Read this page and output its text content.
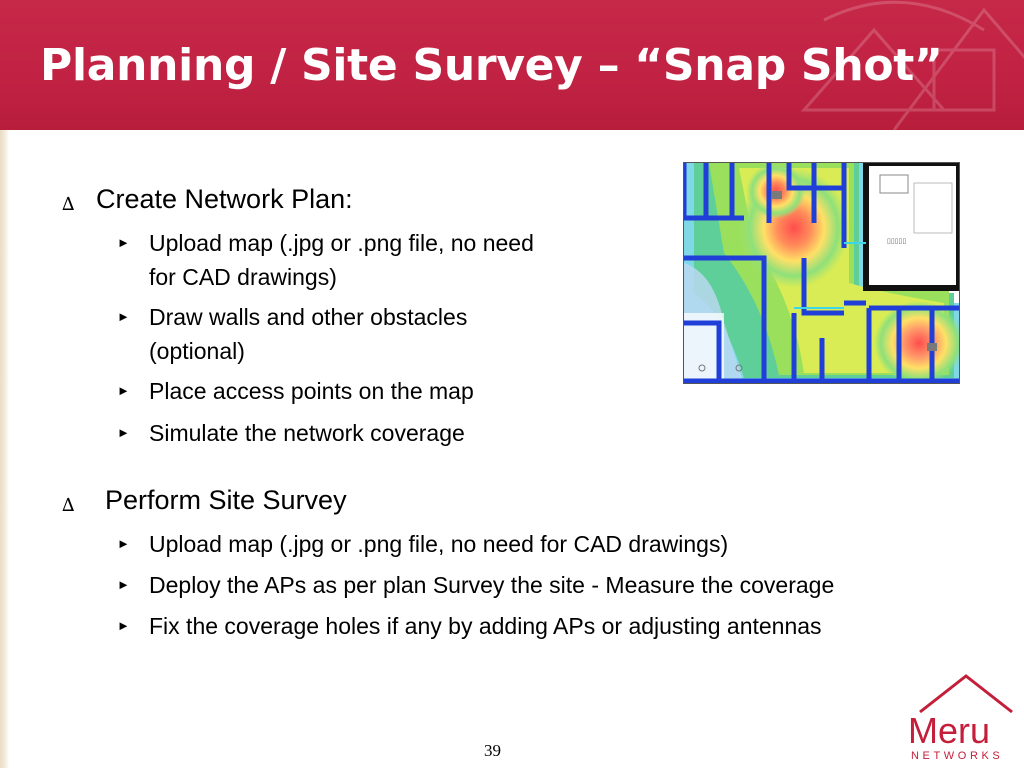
Planning / Site Survey – “Snap Shot”
∆ Create Network Plan:
► Upload map (.jpg or .png file, no need
for CAD drawings)
► Draw walls and other obstacles
(optional)
► Place access points on the map
► Simulate the network coverage
∆ Perform Site Survey
► Upload map (.jpg or .png file, no need for CAD drawings)
► Deploy the APs as per plan Survey the site - Measure the coverage
► Fix the coverage holes if any by adding APs or adjusting antennas
▯▯▯▯▯
39	Meru
NETWORKS
